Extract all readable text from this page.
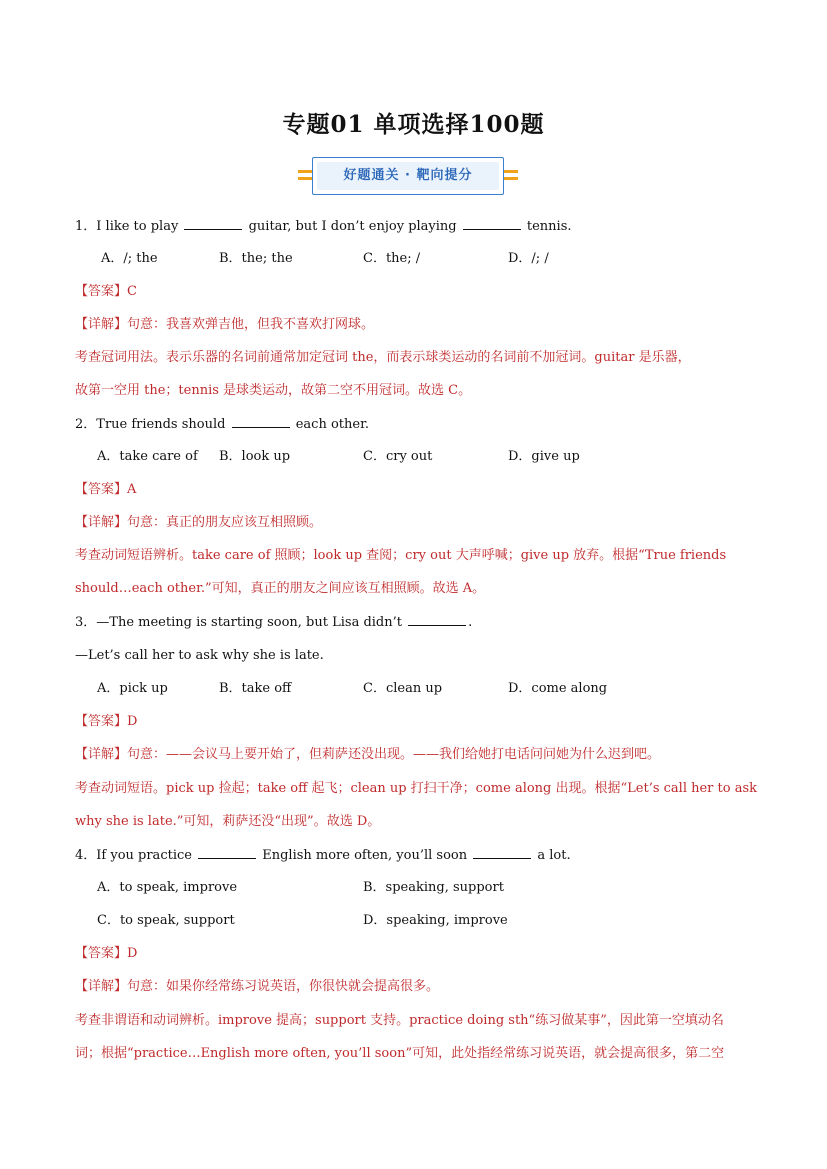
专题01 单项选择100题
好题通关 · 靶向提分
1．I like to play	guitar, but I don’t enjoy playing	tennis.
A．/; the	B．the; the	C．the; /	D．/; /
【答案】C
【详解】句意：我喜欢弹吉他，但我不喜欢打网球。
考查冠词用法。表示乐器的名词前通常加定冠词 the，而表示球类运动的名词前不加冠词。guitar 是乐器，
故第一空用 the；tennis 是球类运动，故第二空不用冠词。故选 C。
2．True friends should	each other.
A．take care of B．look up	C．cry out	D．give up
【答案】A
【详解】句意：真正的朋友应该互相照顾。
考查动词短语辨析。take care of 照顾；look up 查阅；cry out 大声呼喊；give up 放弃。根据“True friends
should…each other.”可知，真正的朋友之间应该互相照顾。故选 A。
3．—The meeting is starting soon, but Lisa didn’t	.
—Let’s call her to ask why she is late.
A．pick up	B．take off	C．clean up	D．come along
【答案】D
【详解】句意：——会议马上要开始了，但莉萨还没出现。——我们给她打电话问问她为什么迟到吧。
考查动词短语。pick up 捡起；take off 起飞；clean up 打扫干净；come along 出现。根据“Let’s call her to ask
why she is late.”可知，莉萨还没“出现”。故选 D。
4．If you practice	English more often, you’ll soon	a lot.
A．to speak, improve	B．speaking, support
C．to speak, support	D．speaking, improve
【答案】D
【详解】句意：如果你经常练习说英语，你很快就会提高很多。
考查非谓语和动词辨析。improve 提高；support 支持。practice doing sth“练习做某事”，因此第一空填动名
词；根据“practice…English more often, you’ll soon”可知，此处指经常练习说英语，就会提高很多，第二空
